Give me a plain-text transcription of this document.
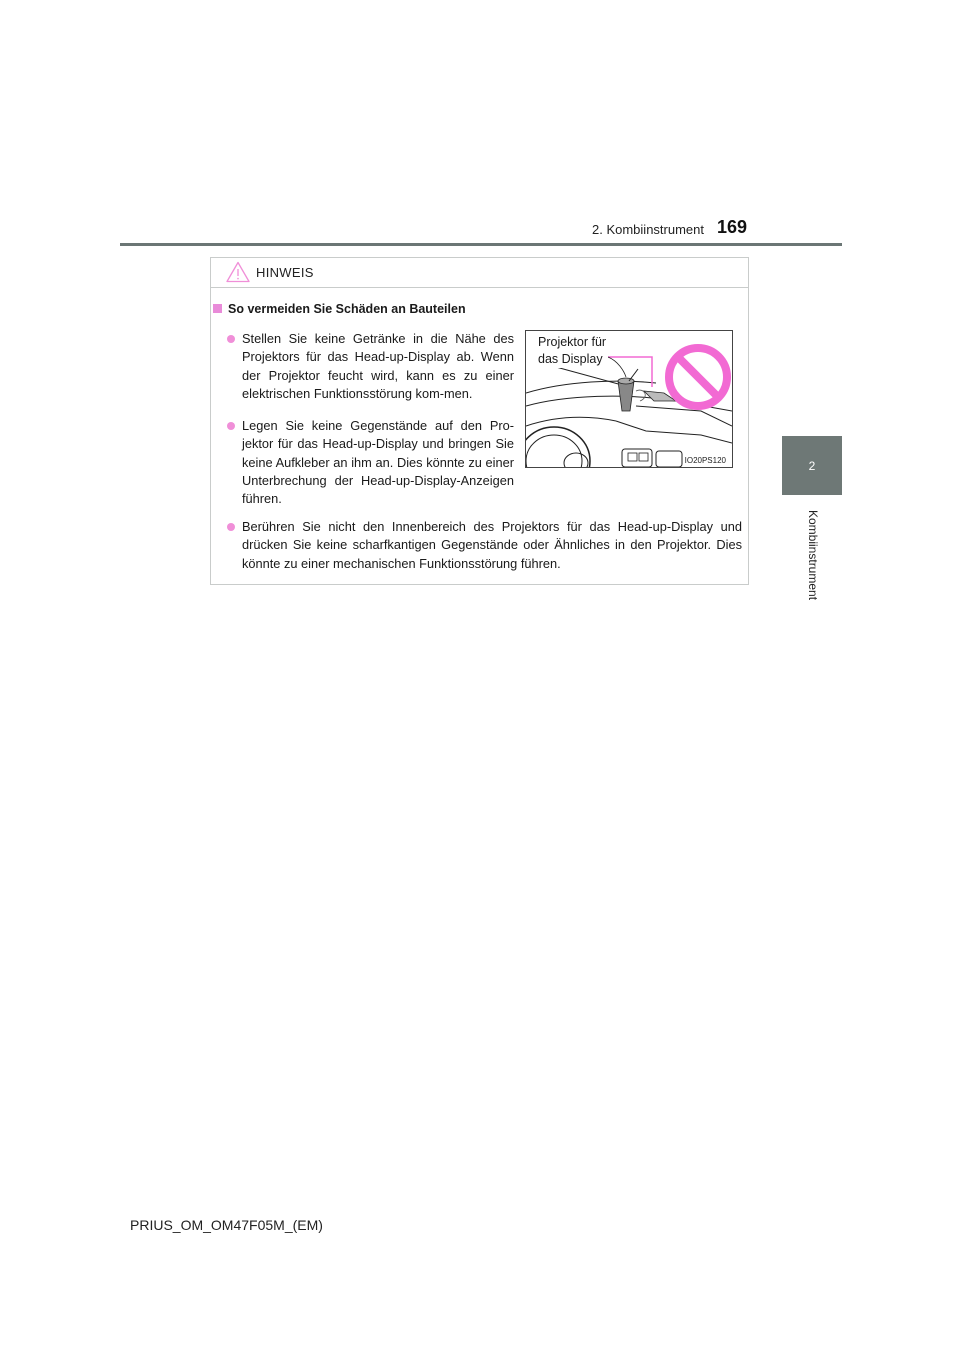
2. Kombiinstrument 169
2
Kombiinstrument
HINWEIS
So vermeiden Sie Schäden an Bauteilen
Stellen Sie keine Getränke in die Nähe des Projektors für das Head-up-Display ab. Wenn der Projektor feucht wird, kann es zu einer elektrischen Funktionsstörung kom-men.
Legen Sie keine Gegenstände auf den Pro-jektor für das Head-up-Display und bringen Sie keine Aufkleber an ihm an. Dies könnte zu einer Unterbrechung der Head-up-Display-Anzeigen führen.
Berühren Sie nicht den Innenbereich des Projektors für das Head-up-Display und drücken Sie keine scharfkantigen Gegenstände oder Ähnliches in den Projektor. Dies könnte zu einer mechanischen Funktionsstörung führen.
Projektor für
das Display
IO20PS120
PRIUS_OM_OM47F05M_(EM)
